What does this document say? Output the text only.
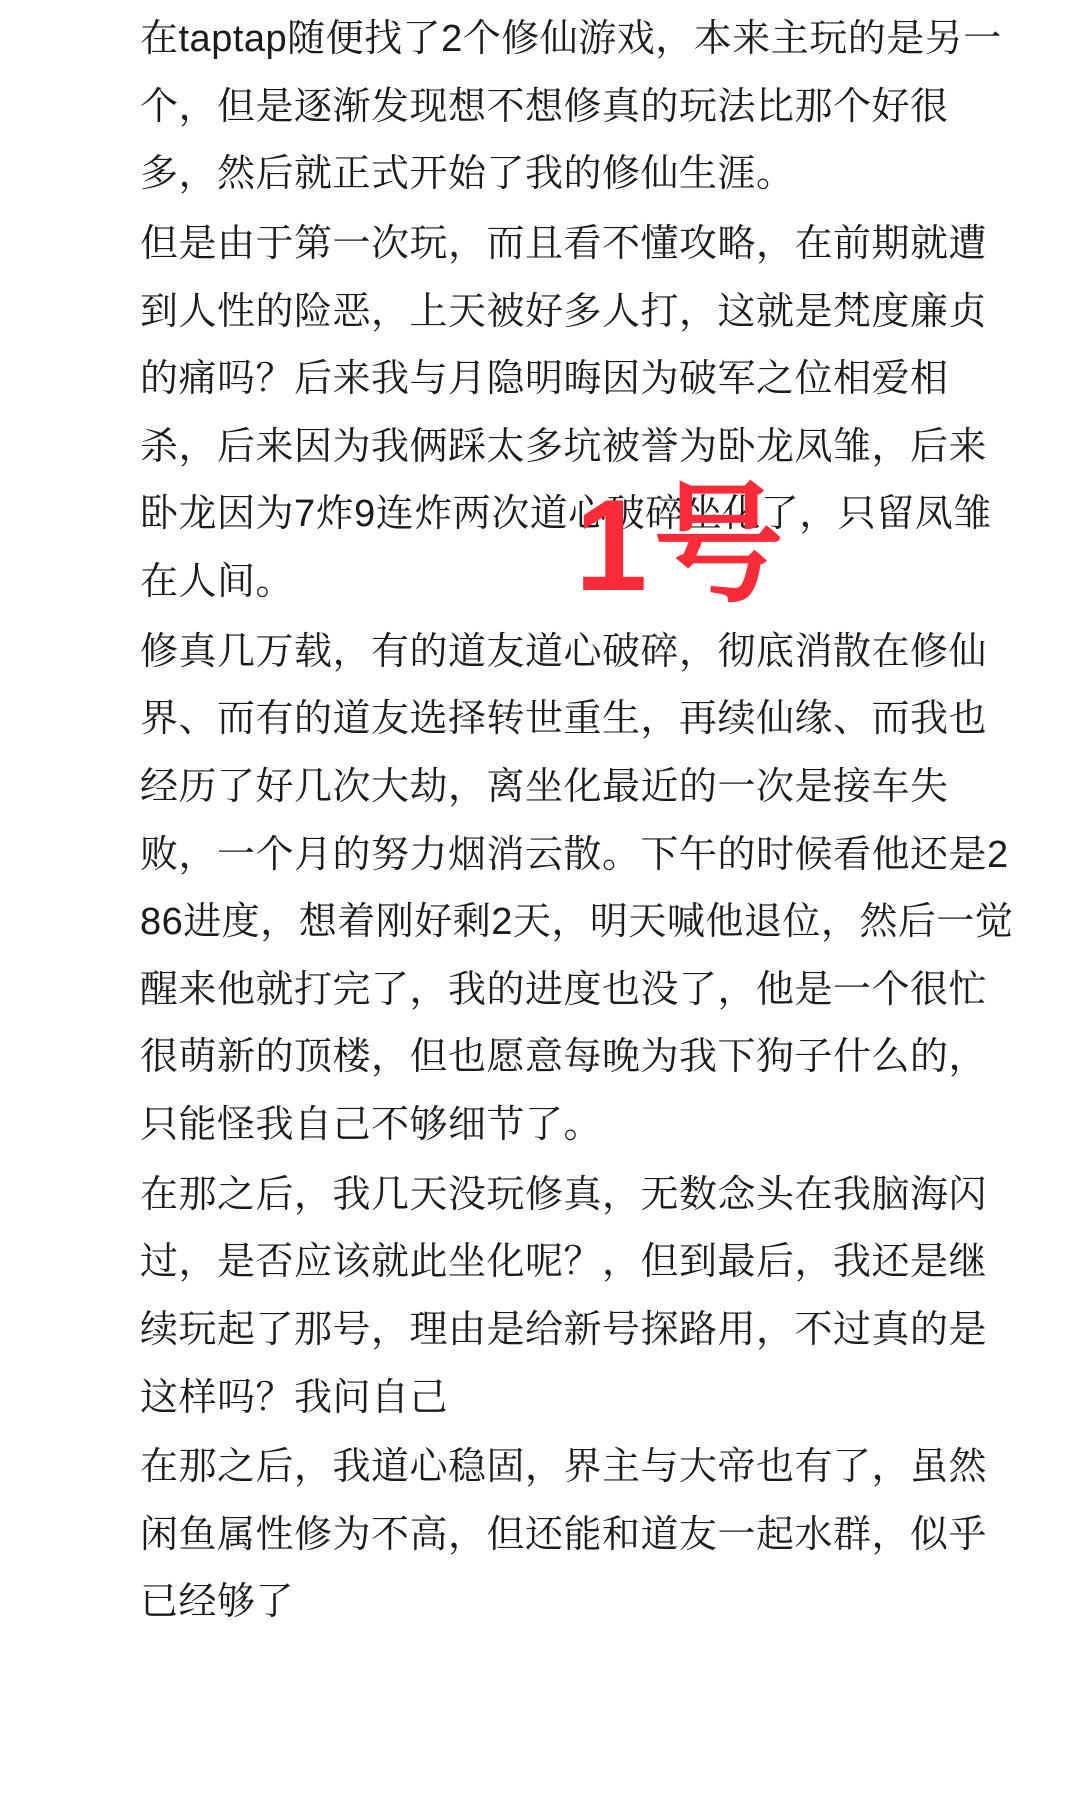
在taptap随便找了2个修仙游戏，本来主玩的是另一个，但是逐渐发现想不想修真的玩法比那个好很多，然后就正式开始了我的修仙生涯。

但是由于第一次玩，而且看不懂攻略，在前期就遭到人性的险恶，上天被好多人打，这就是梵度廉贞的痛吗？后来我与月隐明晦因为破军之位相爱相杀，后来因为我俩踩太多坑被誉为卧龙凤雏，后来卧龙因为7炸9连炸两次道心破碎坐化了，只留凤雏在人间。

修真几万载，有的道友道心破碎，彻底消散在修仙界、而有的道友选择转世重生，再续仙缘、而我也经历了好几次大劫，离坐化最近的一次是接车失败，一个月的努力烟消云散。下午的时候看他还是286进度，想着刚好剩2天，明天喊他退位，然后一觉醒来他就打完了，我的进度也没了，他是一个很忙很萌新的顶楼，但也愿意每晚为我下狗子什么的，只能怪我自己不够细节了。

在那之后，我几天没玩修真，无数念头在我脑海闪过，是否应该就此坐化呢？，但到最后，我还是继续玩起了那号，理由是给新号探路用，不过真的是这样吗？我问自己

在那之后，我道心稳固，界主与大帝也有了，虽然闲鱼属性修为不高，但还能和道友一起水群，似乎已经够了

1号
